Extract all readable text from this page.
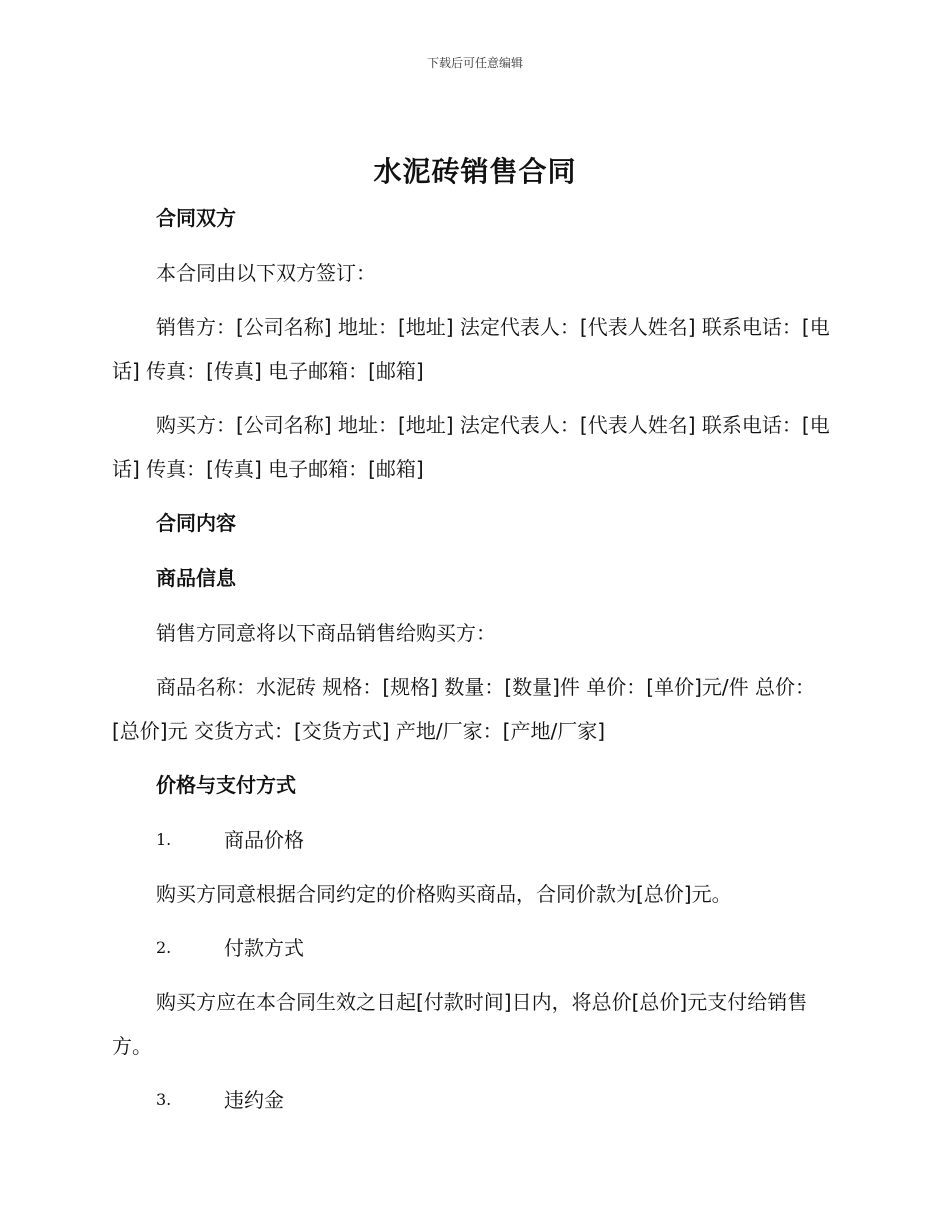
下载后可任意编辑
水泥砖销售合同
合同双方
本合同由以下双方签订：
销售方：[公司名称] 地址：[地址] 法定代表人：[代表人姓名] 联系电话：[电话] 传真：[传真] 电子邮箱：[邮箱]
购买方：[公司名称] 地址：[地址] 法定代表人：[代表人姓名] 联系电话：[电话] 传真：[传真] 电子邮箱：[邮箱]
合同内容
商品信息
销售方同意将以下商品销售给购买方：
商品名称：水泥砖 规格：[规格] 数量：[数量]件 单价：[单价]元/件 总价：[总价]元 交货方式：[交货方式] 产地/厂家：[产地/厂家]
价格与支付方式
1.	商品价格
购买方同意根据合同约定的价格购买商品，合同价款为[总价]元。
2.	付款方式
购买方应在本合同生效之日起[付款时间]日内，将总价[总价]元支付给销售方。
3.	违约金
